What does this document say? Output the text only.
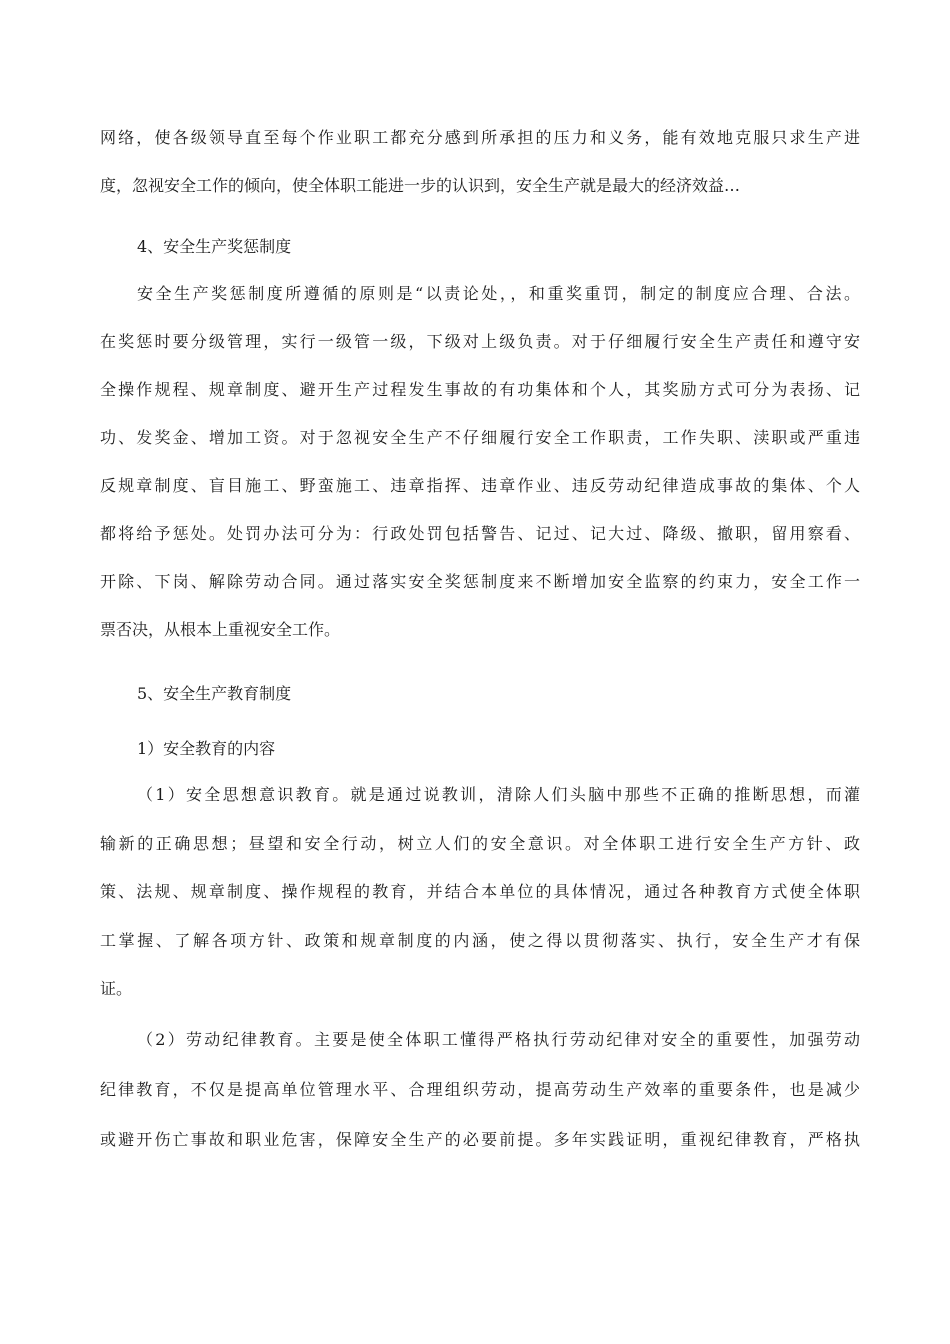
网络，使各级领导直至每个作业职工都充分感到所承担的压力和义务，能有效地克服只求生产进
度，忽视安全工作的倾向，使全体职工能进一步的认识到，安全生产就是最大的经济效益…
4、安全生产奖惩制度
安全生产奖惩制度所遵循的原则是“以责论处，，和重奖重罚，制定的制度应合理、合法。
在奖惩时要分级管理，实行一级管一级，下级对上级负责。对于仔细履行安全生产责任和遵守安
全操作规程、规章制度、避开生产过程发生事故的有功集体和个人，其奖励方式可分为表扬、记
功、发奖金、增加工资。对于忽视安全生产不仔细履行安全工作职责，工作失职、渎职或严重违
反规章制度、盲目施工、野蛮施工、违章指挥、违章作业、违反劳动纪律造成事故的集体、个人
都将给予惩处。处罚办法可分为：行政处罚包括警告、记过、记大过、降级、撤职，留用察看、
开除、下岗、解除劳动合同。通过落实安全奖惩制度来不断增加安全监察的约束力，安全工作一
票否决，从根本上重视安全工作。
5、安全生产教育制度
1）安全教育的内容
（1）安全思想意识教育。就是通过说教训，清除人们头脑中那些不正确的推断思想，而灌
输新的正确思想；昼望和安全行动，树立人们的安全意识。对全体职工进行安全生产方针、政
策、法规、规章制度、操作规程的教育，并结合本单位的具体情况，通过各种教育方式使全体职
工掌握、了解各项方针、政策和规章制度的内涵，使之得以贯彻落实、执行，安全生产才有保
证。
（2）劳动纪律教育。主要是使全体职工懂得严格执行劳动纪律对安全的重要性，加强劳动
纪律教育，不仅是提高单位管理水平、合理组织劳动，提高劳动生产效率的重要条件，也是减少
或避开伤亡事故和职业危害，保障安全生产的必要前提。多年实践证明，重视纪律教育，严格执
